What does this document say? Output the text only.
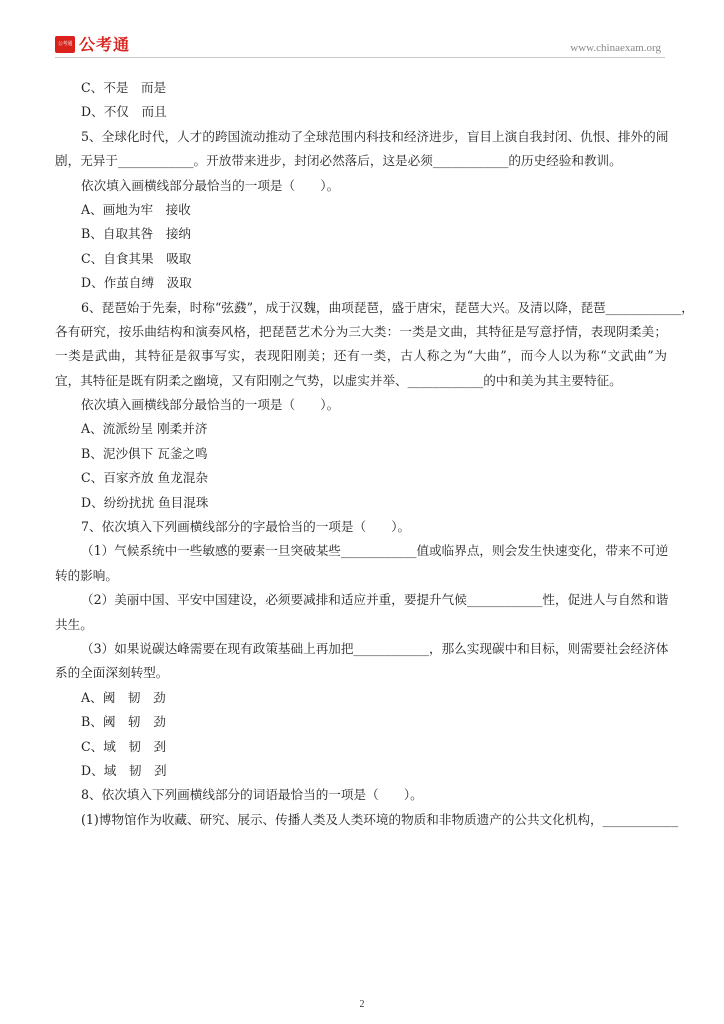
公考通 公考通	www.chinaexam.org
C、不是　而是
D、不仅　而且
5、全球化时代，人才的跨国流动推动了全球范围内科技和经济进步，盲目上演自我封闭、仇恨、排外的闹
剧，无异于____________。开放带来进步，封闭必然落后，这是必须____________的历史经验和教训。
依次填入画横线部分最恰当的一项是（　　）。
A、画地为牢　接收
B、自取其咎　接纳
C、自食其果　吸取
D、作茧自缚　汲取
6、琵琶始于先秦，时称“弦鼗”，成于汉魏，曲项琵琶，盛于唐宋，琵琶大兴。及清以降，琵琶____________，
各有研究，按乐曲结构和演奏风格，把琵琶艺术分为三大类：一类是文曲，其特征是写意抒情，表现阴柔美；
一类是武曲，其特征是叙事写实，表现阳刚美；还有一类，古人称之为“大曲”，而今人以为称“文武曲”为
宜，其特征是既有阴柔之幽境，又有阳刚之气势，以虚实并举、____________的中和美为其主要特征。
依次填入画横线部分最恰当的一项是（　　）。
A、流派纷呈 刚柔并济
B、泥沙俱下 瓦釜之鸣
C、百家齐放 鱼龙混杂
D、纷纷扰扰 鱼目混珠
7、依次填入下列画横线部分的字最恰当的一项是（　　）。
（1）气候系统中一些敏感的要素一旦突破某些____________值或临界点，则会发生快速变化，带来不可逆
转的影响。
（2）美丽中国、平安中国建设，必须要减排和适应并重，要提升气候____________性，促进人与自然和谐
共生。
（3）如果说碳达峰需要在现有政策基础上再加把____________，那么实现碳中和目标，则需要社会经济体
系的全面深刻转型。
A、阈　韧　劲
B、阈　轫　劲
C、域　韧　刭
D、域　韧　刭
8、依次填入下列画横线部分的词语最恰当的一项是（　　）。
(1)博物馆作为收藏、研究、展示、传播人类及人类环境的物质和非物质遗产的公共文化机构，____________
2
